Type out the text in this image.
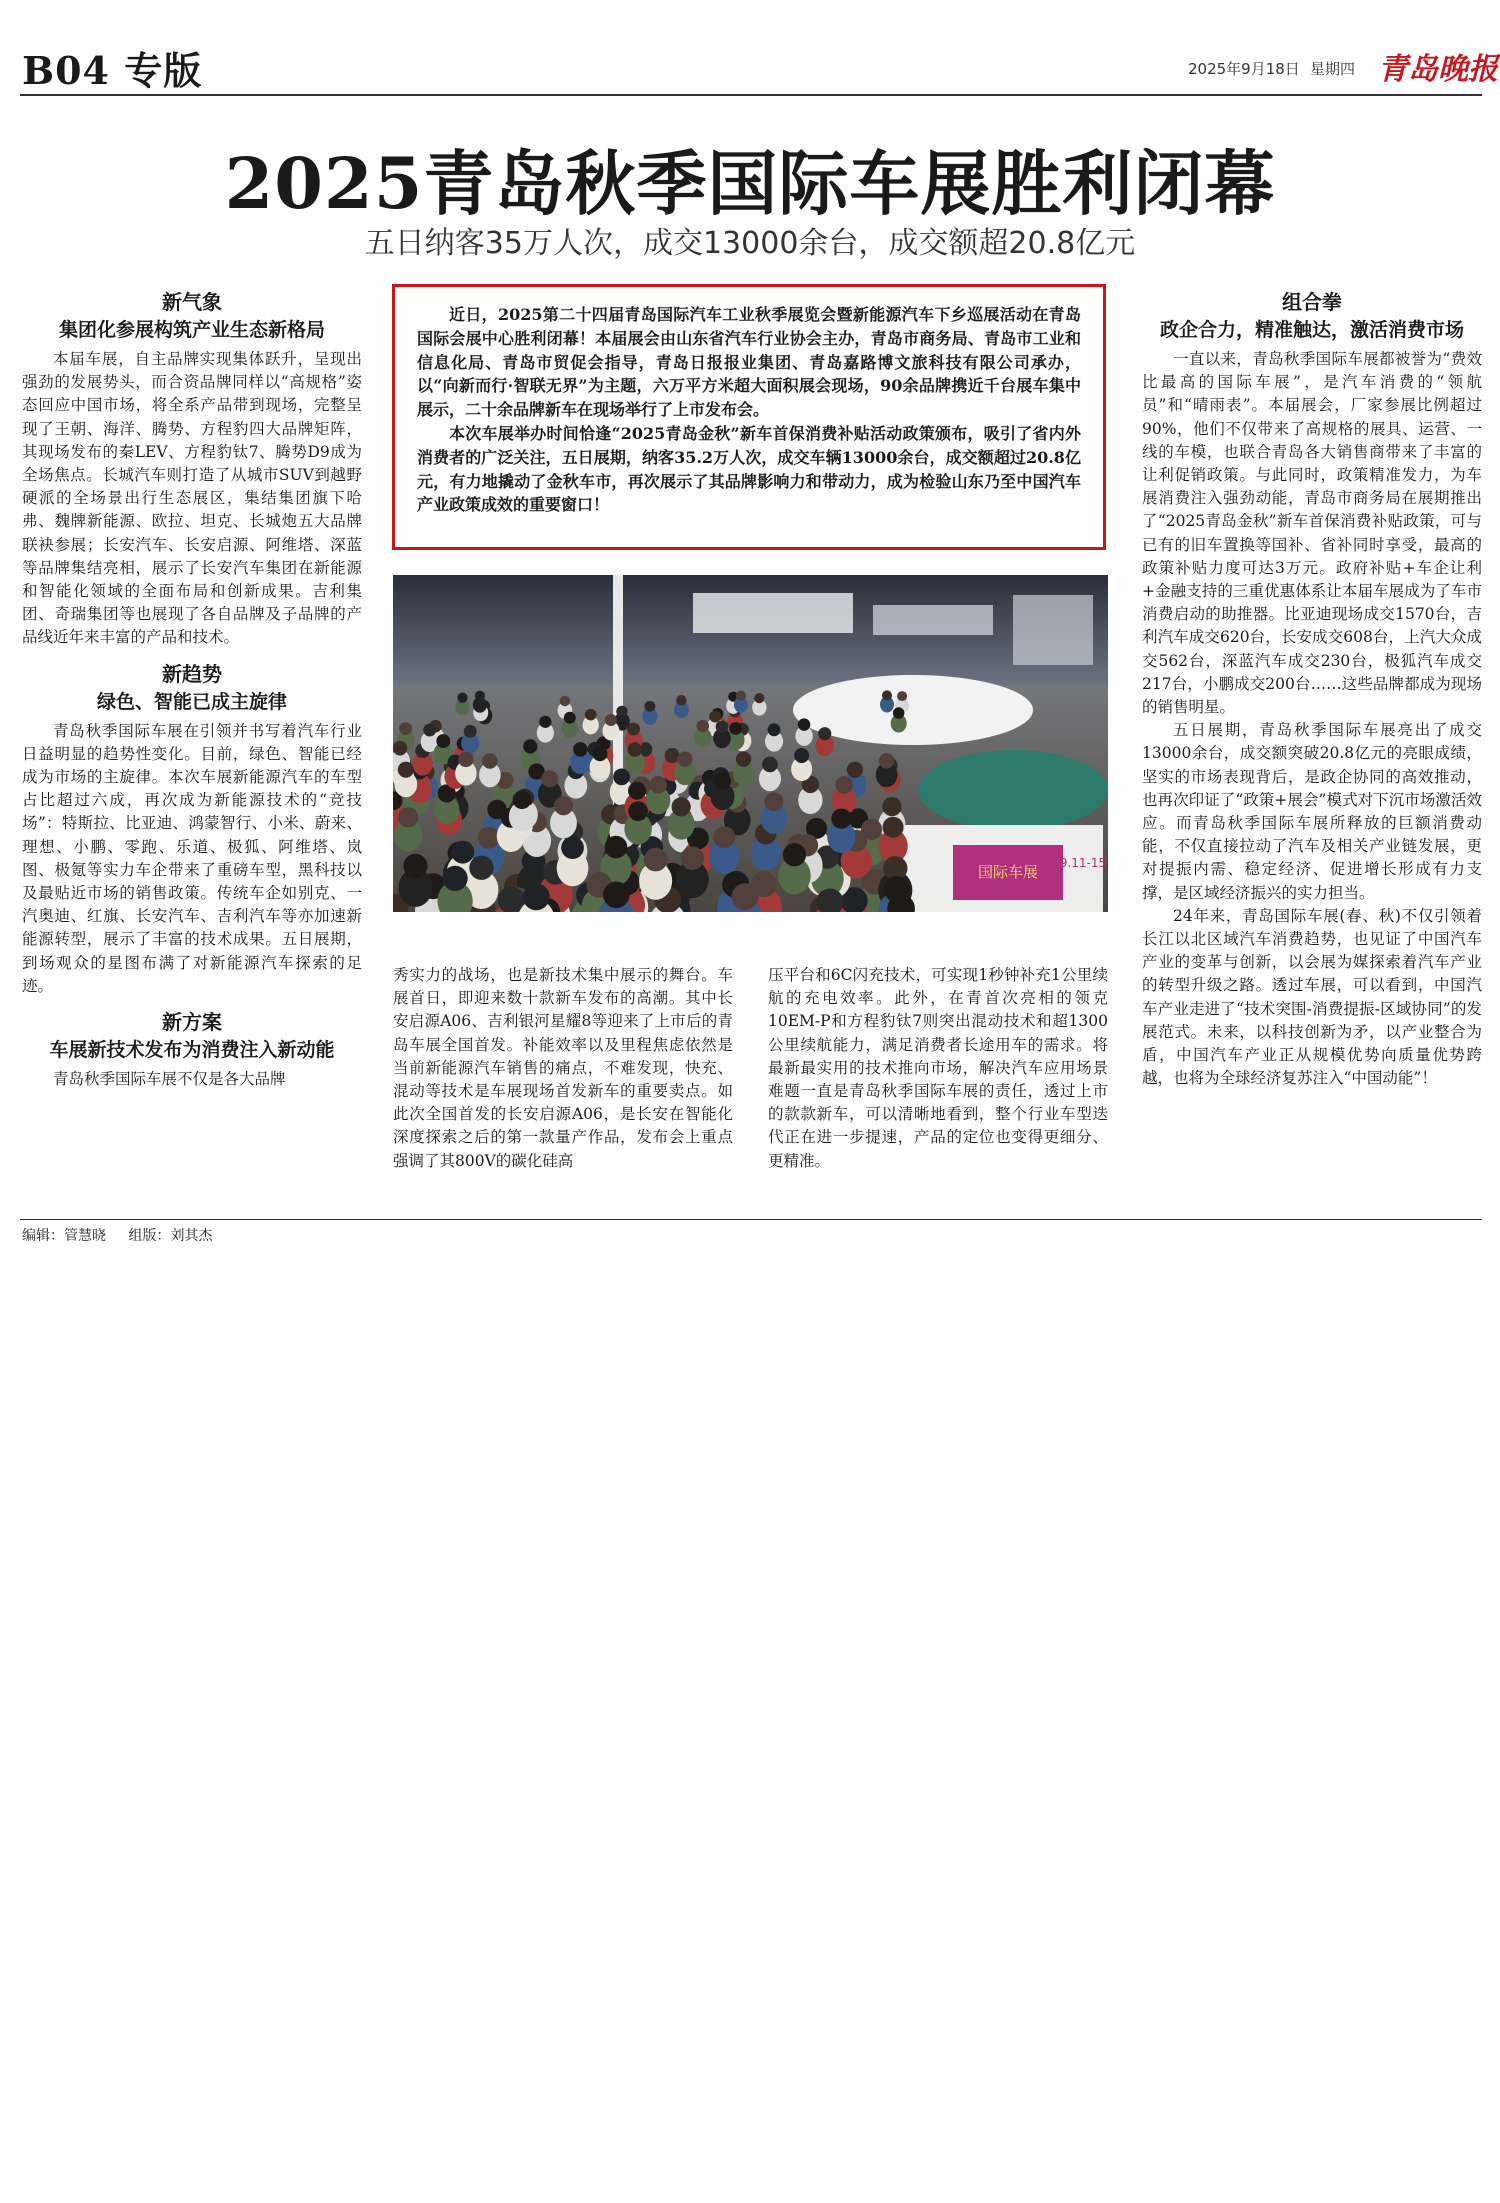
B04 专版	2025年9月18日 星期四 青岛晚报
2025青岛秋季国际车展胜利闭幕
五日纳客35万人次，成交13000余台，成交额超20.8亿元
新气象
集团化参展构筑产业生态新格局

本届车展，自主品牌实现集体跃升，呈现出强劲的发展势头，而合资品牌同样以“高规格”姿态回应中国市场，将全系产品带到现场，完整呈现了王朝、海洋、腾势、方程豹四大品牌矩阵，其现场发布的秦LEV、方程豹钛7、腾势D9成为全场焦点。长城汽车则打造了从城市SUV到越野硬派的全场景出行生态展区，集结集团旗下哈弗、魏牌新能源、欧拉、坦克、长城炮五大品牌联袂参展；长安汽车、长安启源、阿维塔、深蓝等品牌集结亮相，展示了长安汽车集团在新能源和智能化领域的全面布局和创新成果。吉利集团、奇瑞集团等也展现了各自品牌及子品牌的产品线近年来丰富的产品和技术。

新趋势
绿色、智能已成主旋律

青岛秋季国际车展在引领并书写着汽车行业日益明显的趋势性变化。目前，绿色、智能已经成为市场的主旋律。本次车展新能源汽车的车型占比超过六成，再次成为新能源技术的“竞技场”：特斯拉、比亚迪、鸿蒙智行、小米、蔚来、理想、小鹏、零跑、乐道、极狐、阿维塔、岚图、极氪等实力车企带来了重磅车型，黑科技以及最贴近市场的销售政策。传统车企如别克、一汽奥迪、红旗、长安汽车、吉利汽车等亦加速新能源转型，展示了丰富的技术成果。五日展期，到场观众的星图布满了对新能源汽车探索的足迹。

新方案
车展新技术发布为消费注入新动能

青岛秋季国际车展不仅是各大品牌

近日，2025第二十四届青岛国际汽车工业秋季展览会暨新能源汽车下乡巡展活动在青岛国际会展中心胜利闭幕！本届展会由山东省汽车行业协会主办，青岛市商务局、青岛市工业和信息化局、青岛市贸促会指导，青岛日报报业集团、青岛嘉路博文旅科技有限公司承办，以“向新而行·智联无界”为主题，六万平方米超大面积展会现场，90余品牌携近千台展车集中展示，二十余品牌新车在现场举行了上市发布会。

本次车展举办时间恰逢“2025青岛金秋”新车首保消费补贴活动政策颁布，吸引了省内外消费者的广泛关注，五日展期，纳客35.2万人次，成交车辆13000余台，成交额超过20.8亿元，有力地撬动了金秋车市，再次展示了其品牌影响力和带动力，成为检验山东乃至中国汽车产业政策成效的重要窗口！

国际车展 9.11-15

秀实力的战场，也是新技术集中展示的舞台。车展首日，即迎来数十款新车发布的高潮。其中长安启源A06、吉利银河星耀8等迎来了上市后的青岛车展全国首发。补能效率以及里程焦虑依然是当前新能源汽车销售的痛点，不难发现，快充、混动等技术是车展现场首发新车的重要卖点。如此次全国首发的长安启源A06，是长安在智能化深度探索之后的第一款量产作品，发布会上重点强调了其800V的碳化硅高

压平台和6C闪充技术，可实现1秒钟补充1公里续航的充电效率。此外，在青首次亮相的领克10EM-P和方程豹钛7则突出混动技术和超1300公里续航能力，满足消费者长途用车的需求。将最新最实用的技术推向市场，解决汽车应用场景难题一直是青岛秋季国际车展的责任，透过上市的款款新车，可以清晰地看到，整个行业车型迭代正在进一步提速，产品的定位也变得更细分、更精准。

组合拳
政企合力，精准触达，激活消费市场

一直以来，青岛秋季国际车展都被誉为“费效比最高的国际车展”，是汽车消费的“领航员”和“晴雨表”。本届展会，厂家参展比例超过90%，他们不仅带来了高规格的展具、运营、一线的车模，也联合青岛各大销售商带来了丰富的让利促销政策。与此同时，政策精准发力，为车展消费注入强劲动能，青岛市商务局在展期推出了“2025青岛金秋”新车首保消费补贴政策，可与已有的旧车置换等国补、省补同时享受，最高的政策补贴力度可达3万元。政府补贴+车企让利+金融支持的三重优惠体系让本届车展成为了车市消费启动的助推器。比亚迪现场成交1570台，吉利汽车成交620台，长安成交608台，上汽大众成交562台，深蓝汽车成交230台，极狐汽车成交217台，小鹏成交200台……这些品牌都成为现场的销售明星。

五日展期，青岛秋季国际车展亮出了成交13000余台，成交额突破20.8亿元的亮眼成绩，坚实的市场表现背后，是政企协同的高效推动，也再次印证了“政策+展会”模式对下沉市场激活效应。而青岛秋季国际车展所释放的巨额消费动能，不仅直接拉动了汽车及相关产业链发展，更对提振内需、稳定经济、促进增长形成有力支撑，是区域经济振兴的实力担当。

24年来，青岛国际车展(春、秋)不仅引领着长江以北区域汽车消费趋势，也见证了中国汽车产业的变革与创新，以会展为媒探索着汽车产业的转型升级之路。透过车展，可以看到，中国汽车产业走进了“技术突围-消费提振-区域协同”的发展范式。未来，以科技创新为矛，以产业整合为盾，中国汽车产业正从规模优势向质量优势跨越，也将为全球经济复苏注入“中国动能”！

编辑：管慧晓 组版：刘其杰
